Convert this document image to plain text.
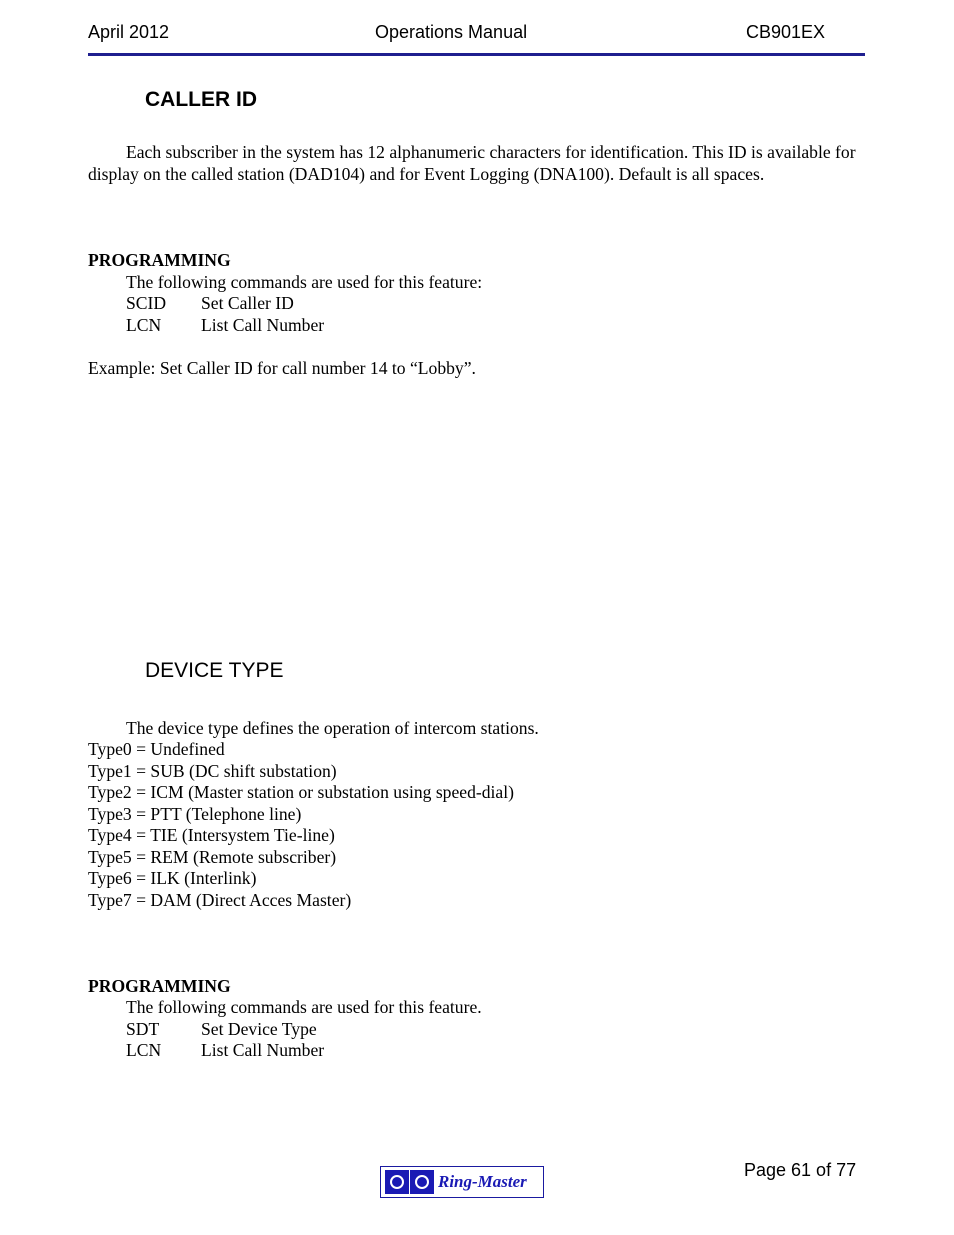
April 2012	Operations Manual	CB901EX
CALLER ID
Each subscriber in the system has 12 alphanumeric characters for identification. This ID is available for display on the called station (DAD104) and for Event Logging (DNA100). Default is all spaces.
PROGRAMMING
The following commands are used for this feature:
SCID Set Caller ID
LCN List Call Number
Example: Set Caller ID for call number 14 to “Lobby”.
DEVICE TYPE
The device type defines the operation of intercom stations.
Type0 = Undefined
Type1 = SUB (DC shift substation)
Type2 = ICM (Master station or substation using speed-dial)
Type3 = PTT (Telephone line)
Type4 = TIE (Intersystem Tie-line)
Type5 = REM (Remote subscriber)
Type6 = ILK (Interlink)
Type7 = DAM (Direct Acces Master)
PROGRAMMING
The following commands are used for this feature.
SDT Set Device Type
LCN List Call Number
Page 61 of 77
Ring-Master
